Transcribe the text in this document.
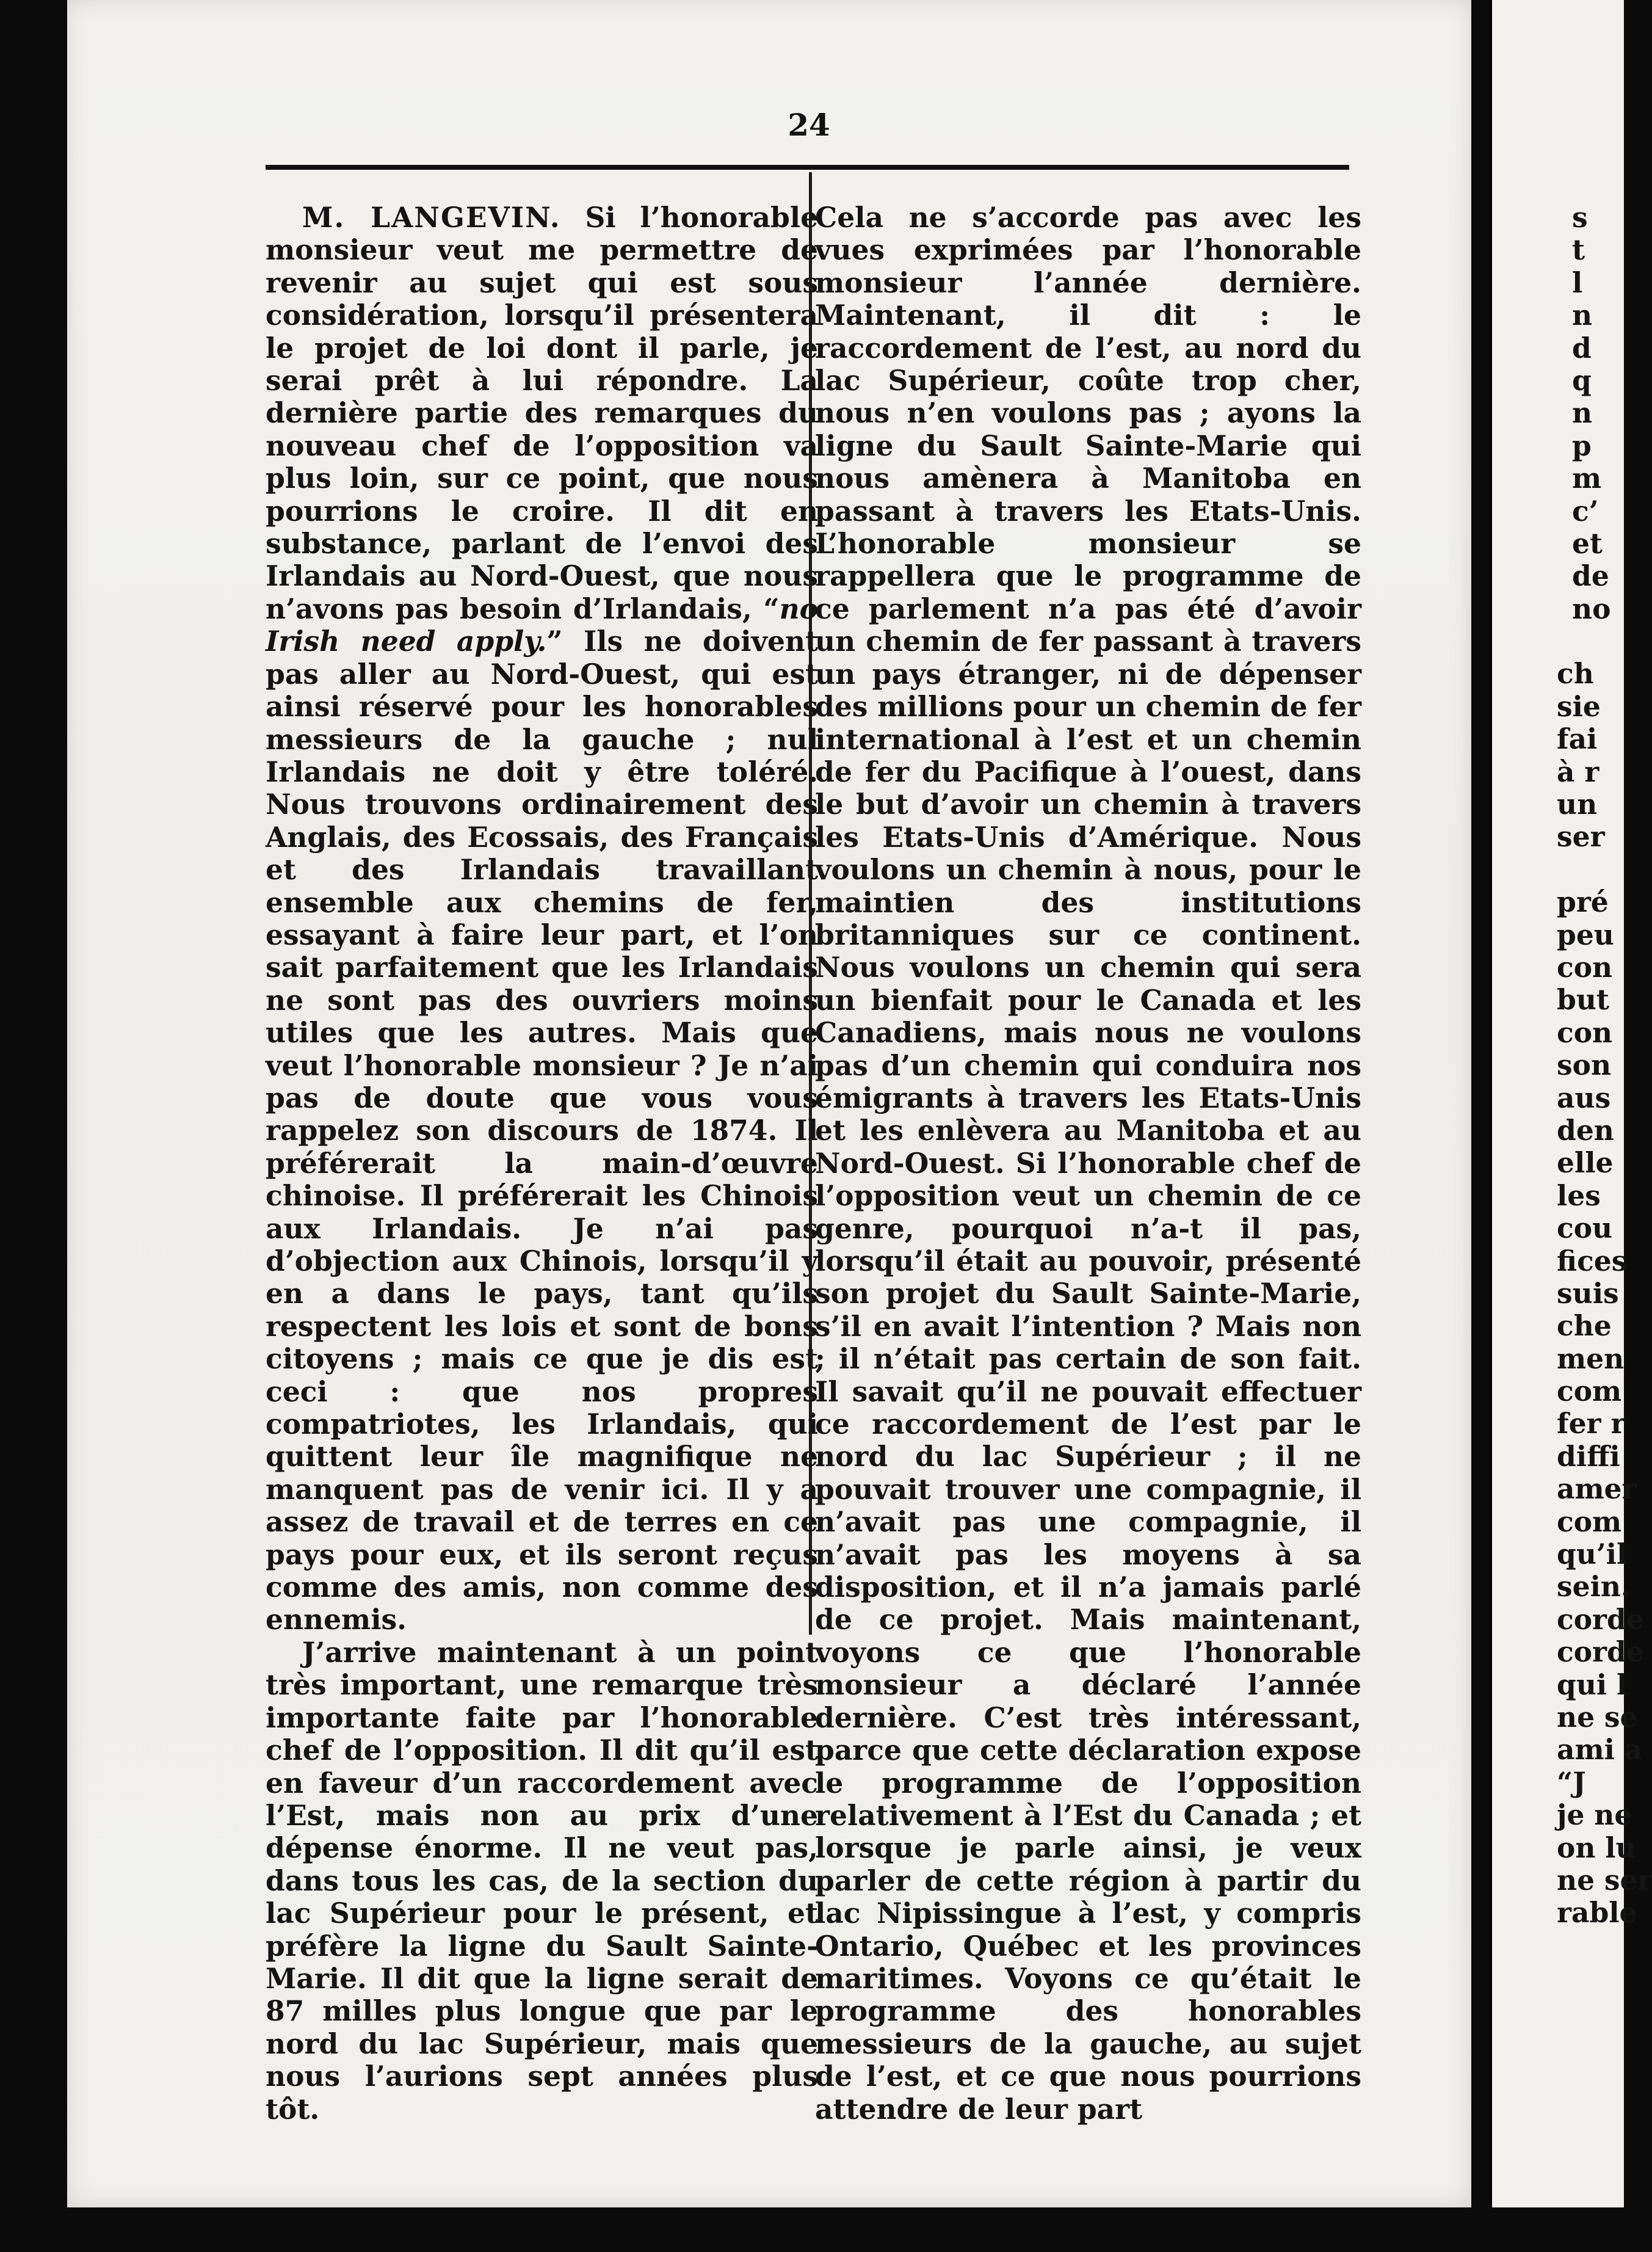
24

M. LANGEVIN. Si l’honorable monsieur veut me permettre de revenir au sujet qui est sous considération, lorsqu’il présentera le projet de loi dont il parle, je serai prêt à lui répondre. La dernière partie des remarques du nouveau chef de l’opposition va plus loin, sur ce point, que nous pourrions le croire. Il dit en substance, parlant de l’envoi des Irlandais au Nord-Ouest, que nous n’avons pas besoin d’Irlandais, “no Irish need apply.” Ils ne doivent pas aller au Nord-Ouest, qui est ainsi réservé pour les honorables messieurs de la gauche ; nul Irlandais ne doit y être toléré. Nous trouvons ordinairement des Anglais, des Ecossais, des Français et des Irlandais travaillant ensemble aux chemins de fer, essayant à faire leur part, et l’on sait parfaitement que les Irlandais ne sont pas des ouvriers moins utiles que les autres. Mais que veut l’honorable monsieur ? Je n’ai pas de doute que vous vous rappelez son discours de 1874. Il préférerait la main-d’œuvre chinoise. Il préférerait les Chinois aux Irlandais. Je n’ai pas d’objection aux Chinois, lorsqu’il y en a dans le pays, tant qu’ils respectent les lois et sont de bons citoyens ; mais ce que je dis est ceci : que nos propres compatriotes, les Irlandais, qui quittent leur île magnifique ne manquent pas de venir ici. Il y a assez de travail et de terres en ce pays pour eux, et ils seront reçus comme des amis, non comme des ennemis.

J’arrive maintenant à un point très important, une remarque très importante faite par l’honorable chef de l’opposition. Il dit qu’il est en faveur d’un raccordement avec l’Est, mais non au prix d’une dépense énorme. Il ne veut pas, dans tous les cas, de la section du lac Supérieur pour le présent, et préfère la ligne du Sault Sainte-Marie. Il dit que la ligne serait de 87 milles plus longue que par le nord du lac Supérieur, mais que nous l’aurions sept années plus tôt.

Cela ne s’accorde pas avec les vues exprimées par l’honorable monsieur l’année dernière. Maintenant, il dit : le raccordement de l’est, au nord du lac Supérieur, coûte trop cher, nous n’en voulons pas ; ayons la ligne du Sault Sainte-Marie qui nous amènera à Manitoba en passant à travers les Etats-Unis. L’honorable monsieur se rappellera que le programme de ce parlement n’a pas été d’avoir un chemin de fer passant à travers un pays étranger, ni de dépenser des millions pour un chemin de fer international à l’est et un chemin de fer du Pacifique à l’ouest, dans le but d’avoir un chemin à travers les Etats-Unis d’Amérique. Nous voulons un chemin à nous, pour le maintien des institutions britanniques sur ce continent. Nous voulons un chemin qui sera un bienfait pour le Canada et les Canadiens, mais nous ne voulons pas d’un chemin qui conduira nos émigrants à travers les Etats-Unis et les enlèvera au Manitoba et au Nord-Ouest. Si l’honorable chef de l’opposition veut un chemin de ce genre, pourquoi n’a-t il pas, lorsqu’il était au pouvoir, présenté son projet du Sault Sainte-Marie, s’il en avait l’intention ? Mais non ; il n’était pas certain de son fait. Il savait qu’il ne pouvait effectuer ce raccordement de l’est par le nord du lac Supérieur ; il ne pouvait trouver une compagnie, il n’avait pas une compagnie, il n’avait pas les moyens à sa disposition, et il n’a jamais parlé de ce projet. Mais maintenant, voyons ce que l’honorable monsieur a déclaré l’année dernière. C’est très intéressant, parce que cette déclaration expose le programme de l’opposition relativement à l’Est du Canada ; et lorsque je parle ainsi, je veux parler de cette région à partir du lac Nipissingue à l’est, y compris Ontario, Québec et les provinces maritimes. Voyons ce qu’était le programme des honorables messieurs de la gauche, au sujet de l’est, et ce que nous pourrions attendre de leur part

s
t
l
n
d
q
n
p
m
c’
et
de
no
ch
sie
fai
à r
un
ser
pré
peu
con
but
con
son
aus
den
elle
les
cou
fices
suis
che
men
com
fer r
diffi
amer
com
qu’il
sein.
corde
corde
qui l
ne se
ami a
“J
je ne
on lu
ne ser
rable
